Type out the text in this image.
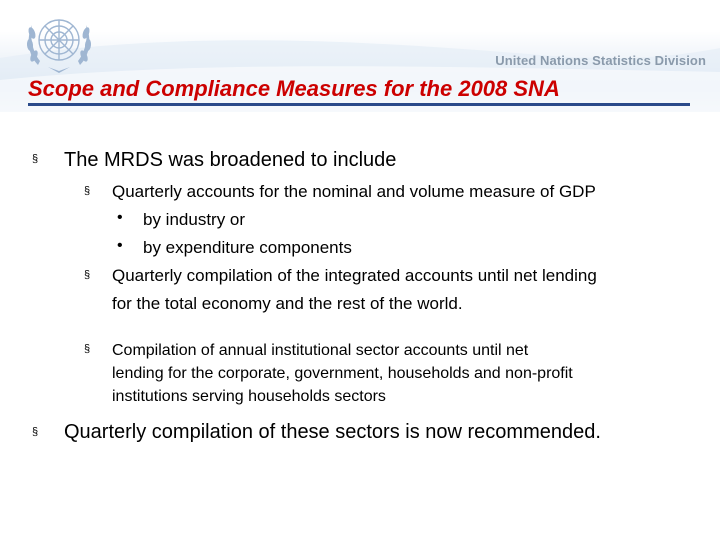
United Nations Statistics Division
Scope and Compliance Measures for the 2008 SNA
§ The MRDS was broadened to include
§ Quarterly accounts for the nominal and volume measure of GDP
• by industry or
• by expenditure components
§ Quarterly compilation of the integrated accounts until net lending
for the total economy and the rest of the world.
§ Compilation of annual institutional sector accounts until net
lending for the corporate, government, households and non-profit
institutions serving households sectors
§ Quarterly compilation of these sectors is now recommended.
